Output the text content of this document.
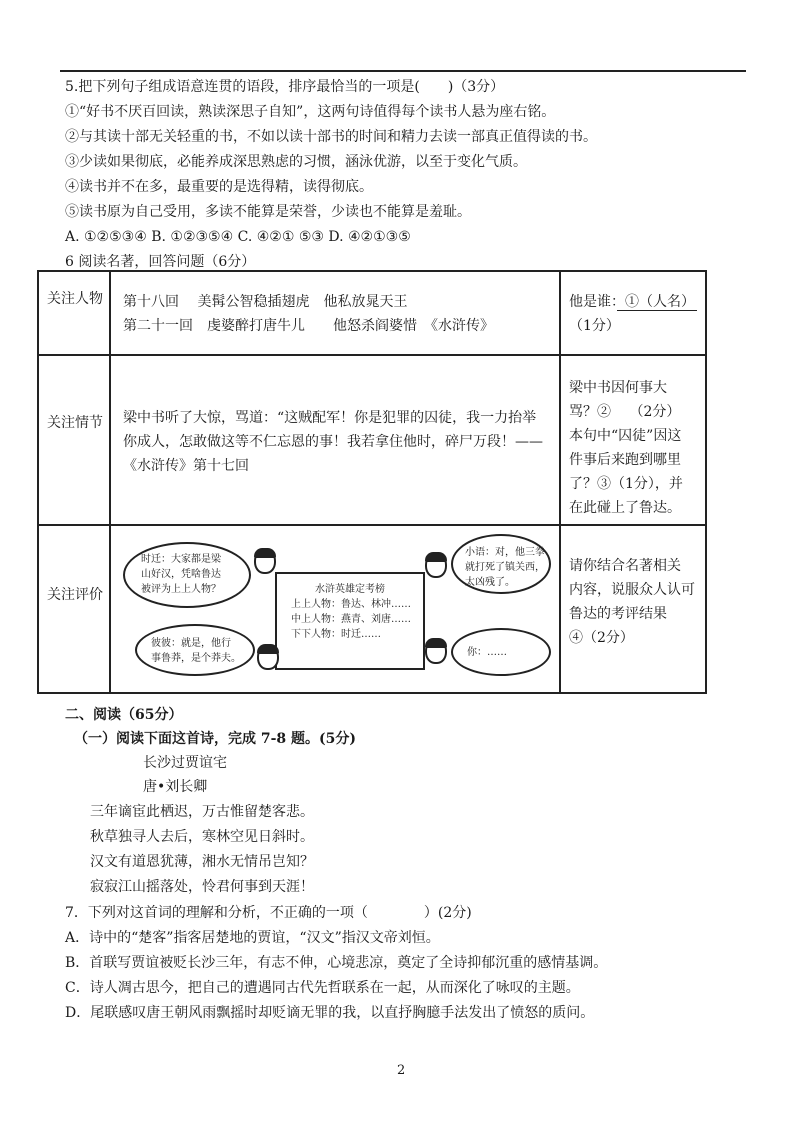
5.把下列句子组成语意连贯的语段，排序最恰当的一项是(　　)（3分）
①“好书不厌百回读，熟读深思子自知”，这两句诗值得每个读书人悬为座右铭。
②与其读十部无关轻重的书，不如以读十部书的时间和精力去读一部真正值得读的书。
③少读如果彻底，必能养成深思熟虑的习惯，涵泳优游，以至于变化气质。
④读书并不在多，最重要的是选得精，读得彻底。
⑤读书原为自己受用，多读不能算是荣誉，少读也不能算是羞耻。
A. ①②⑤③④ B. ①②③⑤④ C. ④②① ⑤③ D. ④②①③⑤
6 阅读名著，回答问题（6分）
关注人物 第十八回　 美髯公智稳插翅虎　他私放晁天王
第二十一回　虔婆醉打唐牛儿　　他怒杀阎婆惜　《水浒传》
他是谁：①（人名）
（1分）
关注情节 梁中书听了大惊，骂道：“这贼配军！你是犯罪的囚徒，我一力抬举
你成人，怎敢做这等不仁忘恩的事！我若拿住他时，碎尸万段！——
《水浒传》第十七回
梁中书因何事大
骂？②　 （2分）
本句中“囚徒”因这
件事后来跑到哪里
了？③（1分），并
在此碰上了鲁达。
关注评价
时迁：大家都是梁
山好汉，凭啥鲁达
被评为上上人物？	水浒英雄定考榜
上上人物：鲁达、林冲……
中上人物：燕青、刘唐……
下下人物：时迁……
小语：对，他三拳
就打死了镇关西，
太凶残了。
彼彼：就是，他行
事鲁莽，是个莽夫。
你：……
请你结合名著相关
内容，说服众人认可
鲁达的考评结果
④（2分）
二、阅读（65分）
（一）阅读下面这首诗，完成 7-8 题。(5分)
长沙过贾谊宅
唐•刘长卿
三年谪宦此栖迟，万古惟留楚客悲。
秋草独寻人去后，寒林空见日斜时。
汉文有道恩犹薄，湘水无情吊岂知？
寂寂江山摇落处，怜君何事到天涯！
7．下列对这首词的理解和分析，不正确的一项（　　　　）(2分)
A．诗中的“楚客”指客居楚地的贾谊，“汉文”指汉文帝刘恒。
B．首联写贾谊被贬长沙三年，有志不伸，心境悲凉，奠定了全诗抑郁沉重的感情基调。
C．诗人凋古思今，把自己的遭遇同古代先哲联系在一起，从而深化了咏叹的主题。
D．尾联感叹唐王朝风雨飘摇时却贬谪无罪的我，以直抒胸臆手法发出了愤怒的质问。
2
